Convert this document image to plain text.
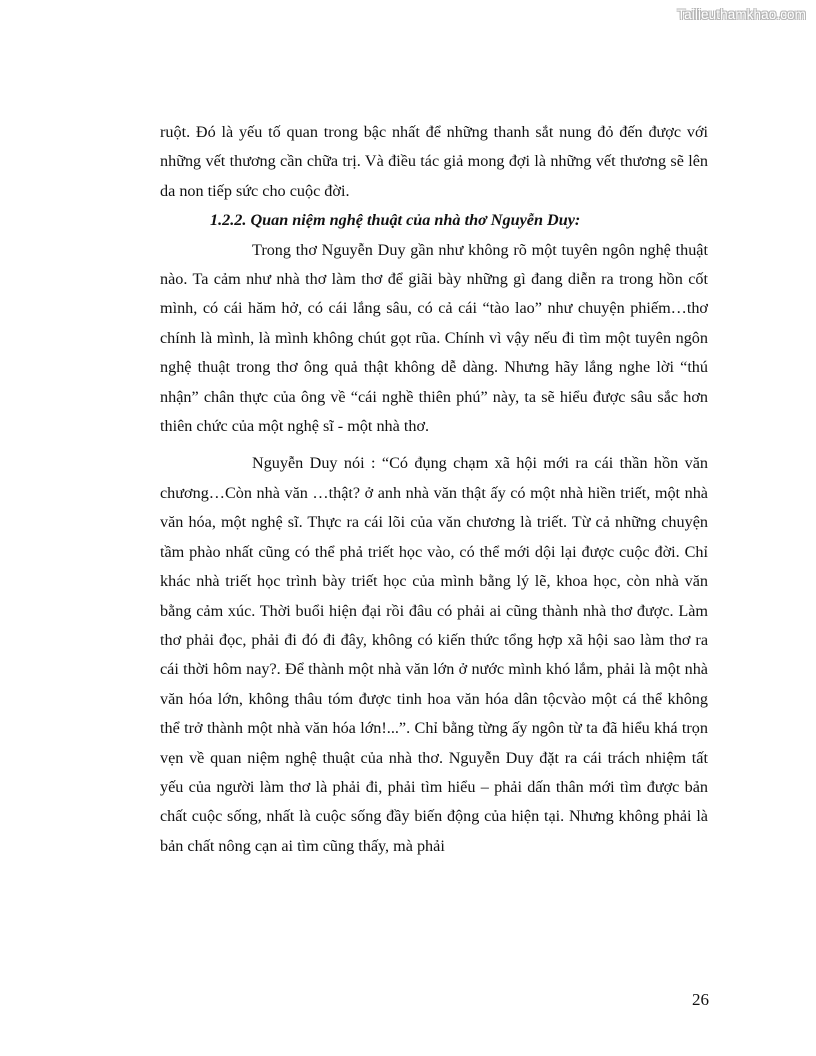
Tailieuthamkhao.com

ruột. Đó là yếu tố quan trong bậc nhất để những thanh sắt nung đỏ đến được với những vết thương cần chữa trị. Và điều tác giả mong đợi là những vết thương sẽ lên da non tiếp sức cho cuộc đời.

1.2.2. Quan niệm nghệ thuật của nhà thơ Nguyễn Duy:

Trong thơ Nguyễn Duy gần như không rõ một tuyên ngôn nghệ thuật nào. Ta cảm như nhà thơ làm thơ để giãi bày những gì đang diễn ra trong hồn cốt mình, có cái hăm hở, có cái lắng sâu, có cả cái “tào lao” như chuyện phiếm…thơ chính là mình, là mình không chút gọt rũa. Chính vì vậy nếu đi tìm một tuyên ngôn nghệ thuật trong thơ ông quả thật không dễ dàng. Nhưng hãy lắng nghe lời “thú nhận” chân thực của ông về “cái nghề thiên phú” này, ta sẽ hiểu được sâu sắc hơn thiên chức của một nghệ sĩ - một nhà thơ.

Nguyễn Duy nói : “Có đụng chạm xã hội mới ra cái thần hồn văn chương…Còn nhà văn …thật? ở anh nhà văn thật ấy có một nhà hiền triết, một nhà văn hóa, một nghệ sĩ. Thực ra cái lõi của văn chương là triết. Từ cả những chuyện tầm phào nhất cũng có thể phả triết học vào, có thể mới dội lại được cuộc đời. Chỉ khác nhà triết học trình bày triết học của mình bằng lý lẽ, khoa học, còn nhà văn bằng cảm xúc. Thời buổi hiện đại rồi đâu có phải ai cũng thành nhà thơ được. Làm thơ phải đọc, phải đi đó đi đây, không có kiến thức tổng hợp xã hội sao làm thơ ra cái thời hôm nay?. Để thành một nhà văn lớn ở nước mình khó lắm, phải là một nhà văn hóa lớn, không thâu tóm được tinh hoa văn hóa dân tộcvào một cá thể không thể trở thành một nhà văn hóa lớn!...”. Chỉ bằng từng ấy ngôn từ ta đã hiểu khá trọn vẹn về quan niệm nghệ thuật của nhà thơ. Nguyễn Duy đặt ra cái trách nhiệm tất yếu của người làm thơ là phải đi, phải tìm hiểu – phải dấn thân mới tìm được bản chất cuộc sống, nhất là cuộc sống đầy biến động của hiện tại. Nhưng không phải là bản chất nông cạn ai tìm cũng thấy, mà phải

26
